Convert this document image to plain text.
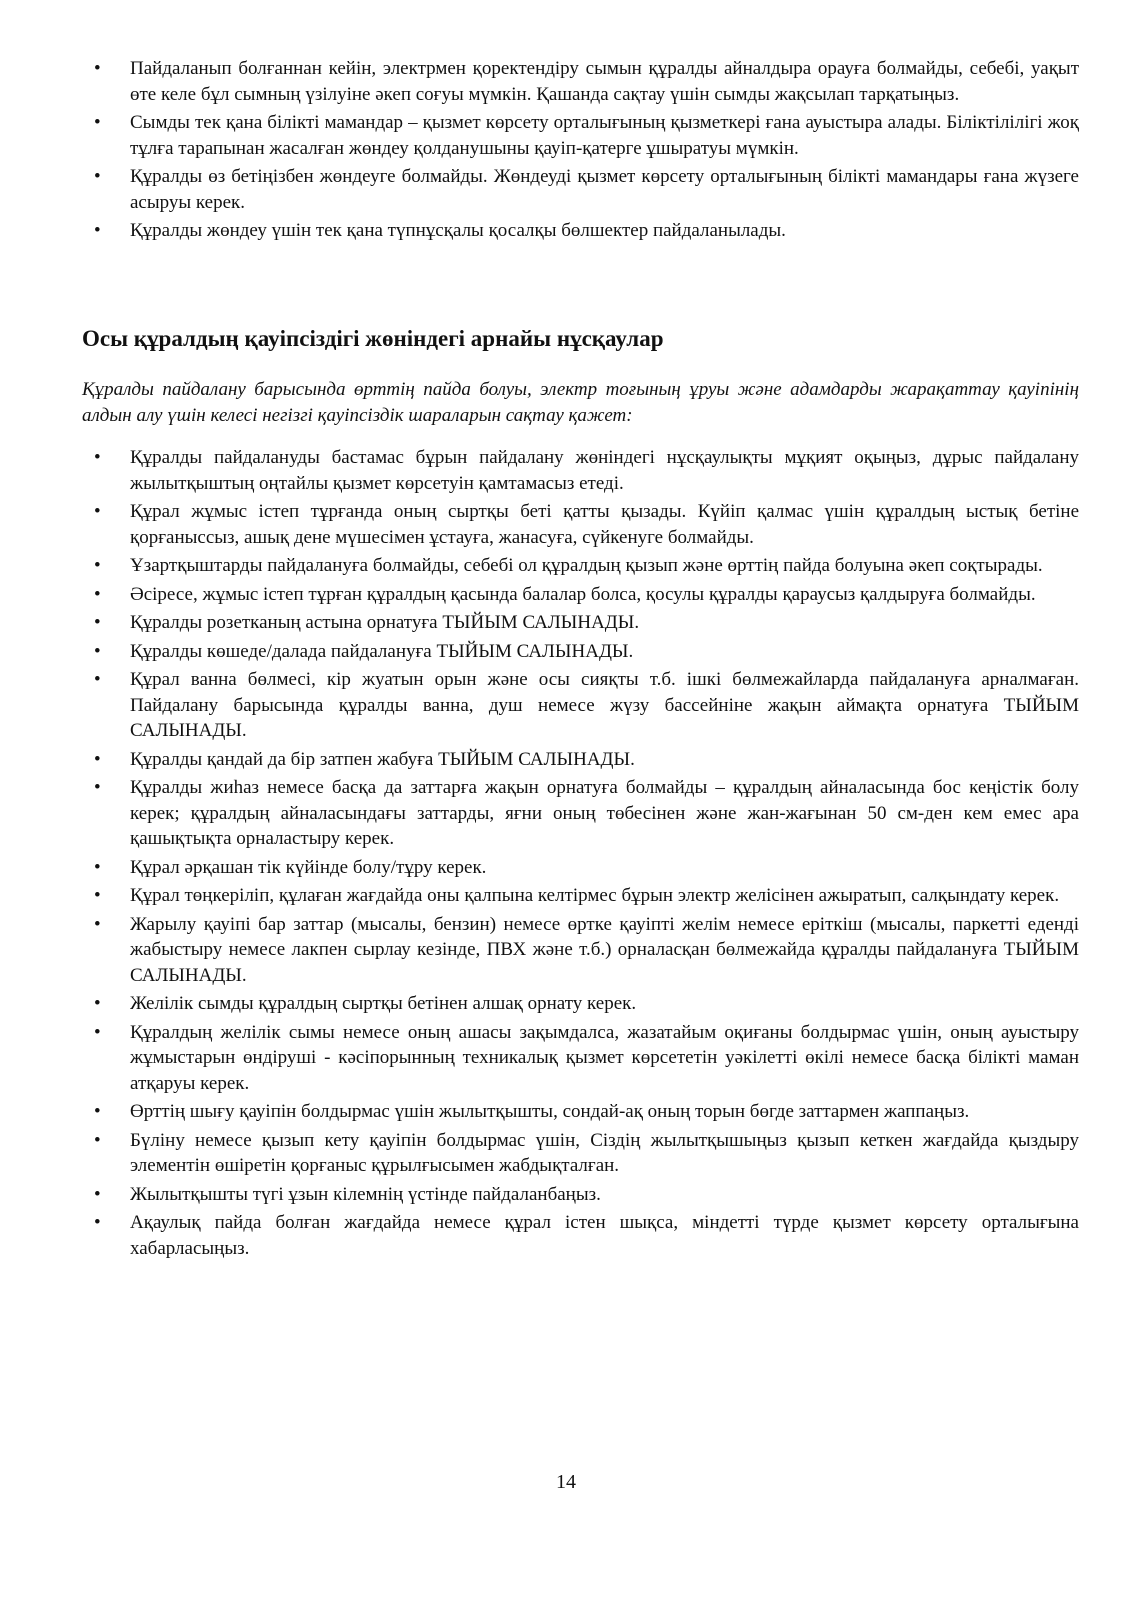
• Пайдаланып болғаннан кейін, электрмен қоректендіру сымын құралды айналдыра орауға болмайды, себебі, уақыт өте келе бұл сымның үзілуіне әкеп соғуы мүмкін. Қашанда сақтау үшін сымды жақсылап тарқатыңыз.
• Сымды тек қана білікті мамандар – қызмет көрсету орталығының қызметкері ғана ауыстыра алады. Біліктілілігі жоқ тұлға тарапынан жасалған жөндеу қолданушыны қауіп-қатерге ұшыратуы мүмкін.
• Құралды өз бетіңізбен жөндеуге болмайды. Жөндеуді қызмет көрсету орталығының білікті мамандары ғана жүзеге асыруы керек.
• Құралды жөндеу үшін тек қана түпнұсқалы қосалқы бөлшектер пайдаланылады.
Осы құралдың қауіпсіздігі жөніндегі арнайы нұсқаулар

Құралды пайдалану барысында өрттің пайда болуы, электр тоғының ұруы және адамдарды жарақаттау қауіпінің алдын алу үшін келесі негізгі қауіпсіздік шараларын сақтау қажет:

• Құралды пайдалануды бастамас бұрын пайдалану жөніндегі нұсқаулықты мұқият оқыңыз, дұрыс пайдалану жылытқыштың оңтайлы қызмет көрсетуін қамтамасыз етеді.
• Құрал жұмыс істеп тұрғанда оның сыртқы беті қатты қызады. Күйіп қалмас үшін құралдың ыстық бетіне қорғаныссыз, ашық дене мүшесімен ұстауға, жанасуға, сүйкенуге болмайды.
• Ұзартқыштарды пайдалануға болмайды, себебі ол құралдың қызып және өрттің пайда болуына әкеп соқтырады.
• Әсіресе, жұмыс істеп тұрған құралдың қасында балалар болса, қосулы құралды қараусыз қалдыруға болмайды.
• Құралды розетканың астына орнатуға ТЫЙЫМ САЛЫНАДЫ.
• Құралды көшеде/далада пайдалануға ТЫЙЫМ САЛЫНАДЫ.
• Құрал ванна бөлмесі, кір жуатын орын және осы сияқты т.б. ішкі бөлмежайларда пайдалануға арналмаған. Пайдалану барысында құралды ванна, душ немесе жүзу бассейніне жақын аймақта орнатуға ТЫЙЫМ САЛЫНАДЫ.
• Құралды қандай да бір затпен жабуға ТЫЙЫМ САЛЫНАДЫ.
• Құралды жиһаз немесе басқа да заттарға жақын орнатуға болмайды – құралдың айналасында бос кеңістік болу керек; құралдың айналасындағы заттарды, яғни оның төбесінен және жан-жағынан 50 см-ден кем емес ара қашықтықта орналастыру керек.
• Құрал әрқашан тік күйінде болу/тұру керек.
• Құрал төңкеріліп, құлаған жағдайда оны қалпына келтірмес бұрын электр желісінен ажыратып, салқындату керек.
• Жарылу қауіпі бар заттар (мысалы, бензин) немесе өртке қауіпті желім немесе еріткіш (мысалы, паркетті еденді жабыстыру немесе лакпен сырлау кезінде, ПВХ және т.б.) орналасқан бөлмежайда құралды пайдалануға ТЫЙЫМ САЛЫНАДЫ.
• Желілік сымды құралдың сыртқы бетінен алшақ орнату керек.
• Құралдың желілік сымы немесе оның ашасы зақымдалса, жазатайым оқиғаны болдырмас үшін, оның ауыстыру жұмыстарын өндіруші - кәсіпорынның техникалық қызмет көрсететін уәкілетті өкілі немесе басқа білікті маман атқаруы керек.
• Өрттің шығу қауіпін болдырмас үшін жылытқышты, сондай-ақ оның торын бөгде заттармен жаппаңыз.
• Бүліну немесе қызып кету қауіпін болдырмас үшін, Сіздің жылытқышыңыз қызып кеткен жағдайда қыздыру элементін өшіретін қорғаныс құрылғысымен жабдықталған.
• Жылытқышты түгі ұзын кілемнің үстінде пайдаланбаңыз.
• Ақаулық пайда болған жағдайда немесе құрал істен шықса, міндетті түрде қызмет көрсету орталығына хабарласыңыз.
14
